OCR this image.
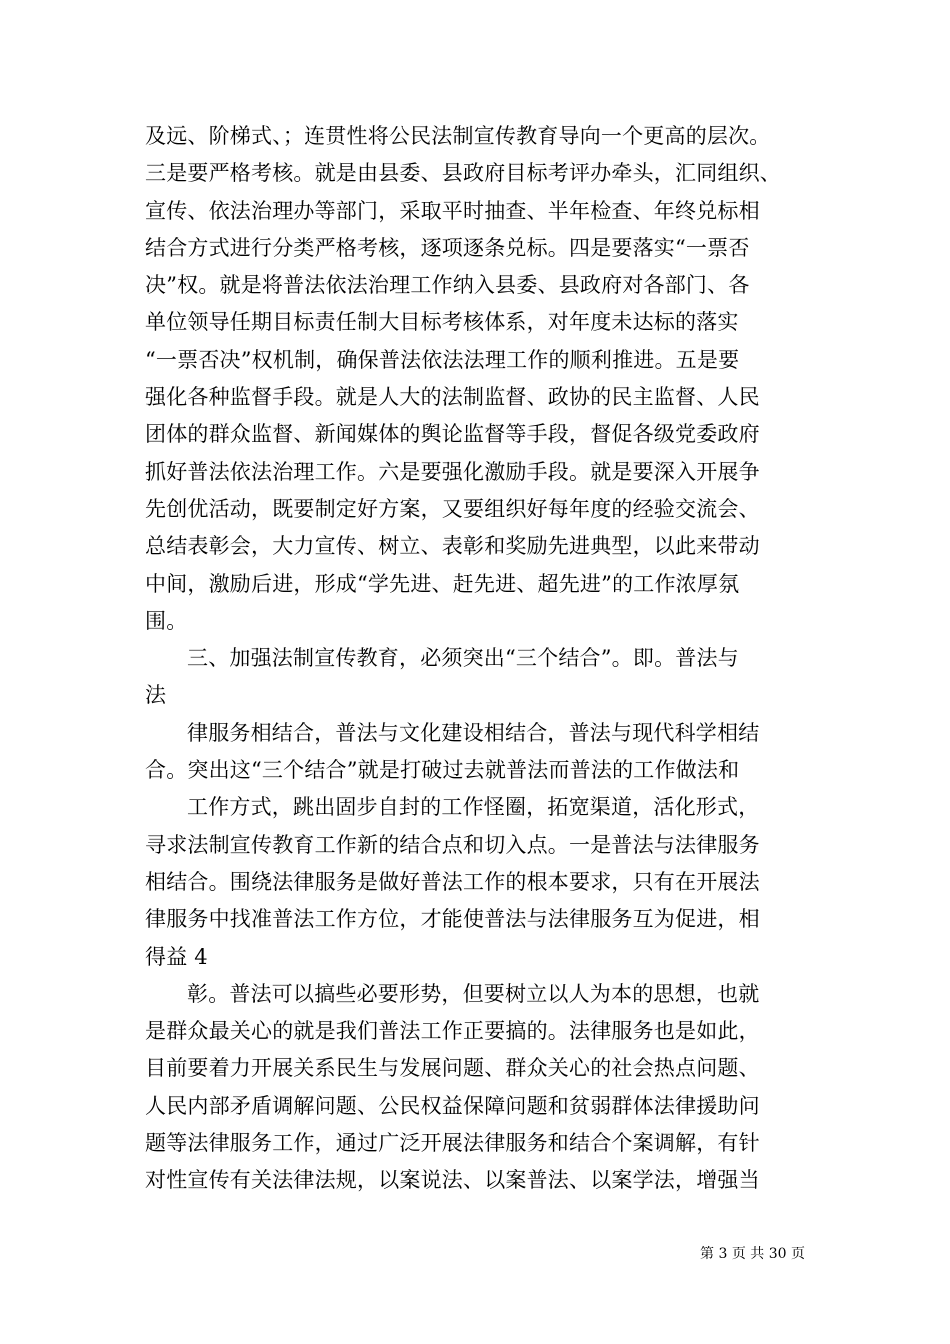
及远、阶梯式、；连贯性将公民法制宣传教育导向一个更高的层次。
三是要严格考核。就是由县委、县政府目标考评办牵头，汇同组织、
宣传、依法治理办等部门，采取平时抽查、半年检查、年终兑标相
结合方式进行分类严格考核，逐项逐条兑标。四是要落实“一票否
决”权。就是将普法依法治理工作纳入县委、县政府对各部门、各
单位领导任期目标责任制大目标考核体系，对年度未达标的落实
“一票否决”权机制，确保普法依法法理工作的顺利推进。五是要
强化各种监督手段。就是人大的法制监督、政协的民主监督、人民
团体的群众监督、新闻媒体的舆论监督等手段，督促各级党委政府
抓好普法依法治理工作。六是要强化激励手段。就是要深入开展争
先创优活动，既要制定好方案，又要组织好每年度的经验交流会、
总结表彰会，大力宣传、树立、表彰和奖励先进典型，以此来带动
中间，激励后进，形成“学先进、赶先进、超先进”的工作浓厚氛
围。
三、加强法制宣传教育，必须突出“三个结合”。即。普法与
法
律服务相结合，普法与文化建设相结合，普法与现代科学相结
合。突出这“三个结合”就是打破过去就普法而普法的工作做法和
工作方式，跳出固步自封的工作怪圈，拓宽渠道，活化形式，
寻求法制宣传教育工作新的结合点和切入点。一是普法与法律服务
相结合。围绕法律服务是做好普法工作的根本要求，只有在开展法
律服务中找准普法工作方位，才能使普法与法律服务互为促进，相
得益 4
彰。普法可以搞些必要形势，但要树立以人为本的思想，也就
是群众最关心的就是我们普法工作正要搞的。法律服务也是如此，
目前要着力开展关系民生与发展问题、群众关心的社会热点问题、
人民内部矛盾调解问题、公民权益保障问题和贫弱群体法律援助问
题等法律服务工作，通过广泛开展法律服务和结合个案调解，有针
对性宣传有关法律法规，以案说法、以案普法、以案学法，增强当
第 3 页 共 30 页
